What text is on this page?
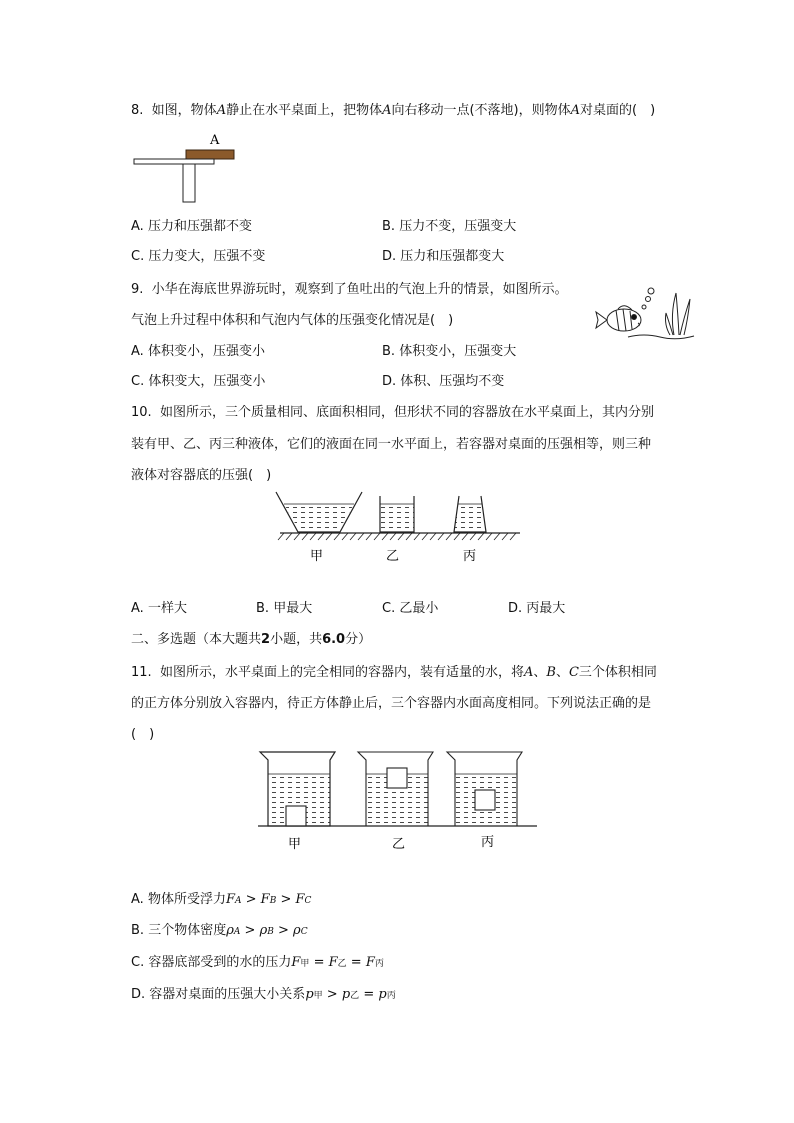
8. 如图，物体A静止在水平桌面上，把物体A向右移动一点(不落地)，则物体A对桌面的(　)
A
A. 压力和压强都不变	B. 压力不变，压强变大
C. 压力变大，压强不变	D. 压力和压强都变大
9. 小华在海底世界游玩时，观察到了鱼吐出的气泡上升的情景，如图所示。
气泡上升过程中体积和气泡内气体的压强变化情况是(　)
A. 体积变小，压强变小	B. 体积变小，压强变大
C. 体积变大，压强变小	D. 体积、压强均不变
10. 如图所示，三个质量相同、底面积相同，但形状不同的容器放在水平桌面上，其内分别
装有甲、乙、丙三种液体，它们的液面在同一水平面上，若容器对桌面的压强相等，则三种
液体对容器底的压强(　)
甲	乙	丙
A. 一样大	B. 甲最大	C. 乙最小	D. 丙最大
二、多选题（本大题共2小题，共6.0分）
11. 如图所示，水平桌面上的完全相同的容器内，装有适量的水，将A、B、C三个体积相同
的正方体分别放入容器内，待正方体静止后，三个容器内水面高度相同。下列说法正确的是
(　)
甲	乙	丙
A. 物体所受浮力FA > FB > FC
B. 三个物体密度ρA > ρB > ρC
C. 容器底部受到的水的压力F甲 = F乙 = F丙
D. 容器对桌面的压强大小关系p甲 > p乙 = p丙
